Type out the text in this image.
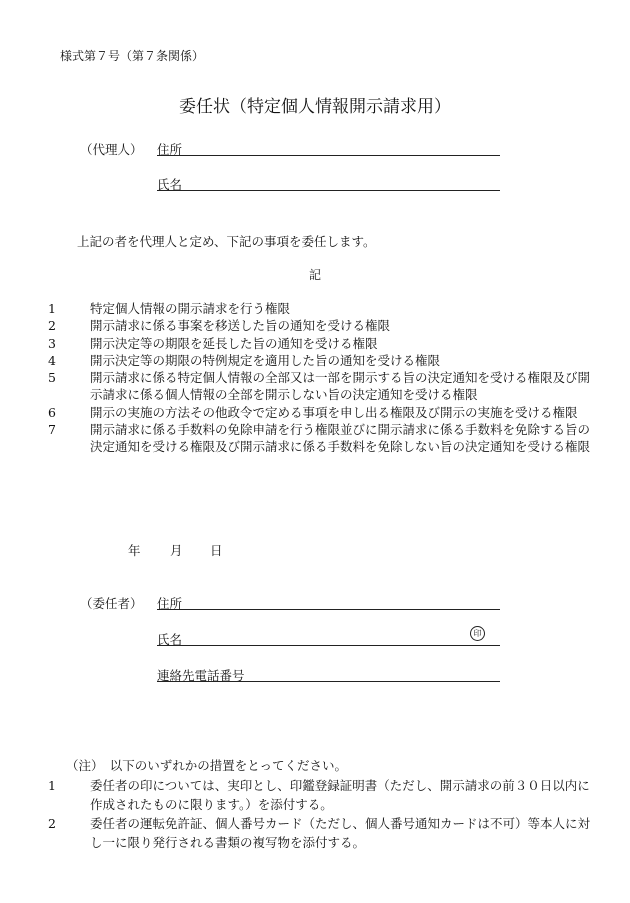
様式第７号（第７条関係）
委任状（特定個人情報開示請求用）
（代理人） 住所
氏名
上記の者を代理人と定め、下記の事項を委任します。
記
1	特定個人情報の開示請求を行う権限
2	開示請求に係る事案を移送した旨の通知を受ける権限
3	開示決定等の期限を延長した旨の通知を受ける権限
4	開示決定等の期限の特例規定を適用した旨の通知を受ける権限
5	開示請求に係る特定個人情報の全部又は一部を開示する旨の決定通知を受ける権限及び開示請求に係る個人情報の全部を開示しない旨の決定通知を受ける権限
6	開示の実施の方法その他政令で定める事項を申し出る権限及び開示の実施を受ける権限
7	開示請求に係る手数料の免除申請を行う権限並びに開示請求に係る手数料を免除する旨の決定通知を受ける権限及び開示請求に係る手数料を免除しない旨の決定通知を受ける権限
年 月 日
（委任者） 住所
氏名	印
連絡先電話番号
（注）　以下のいずれかの措置をとってください。
1	委任者の印については、実印とし、印鑑登録証明書（ただし、開示請求の前３０日以内に作成されたものに限ります。）を添付する。
2	委任者の運転免許証、個人番号カード（ただし、個人番号通知カードは不可）等本人に対し一に限り発行される書類の複写物を添付する。
